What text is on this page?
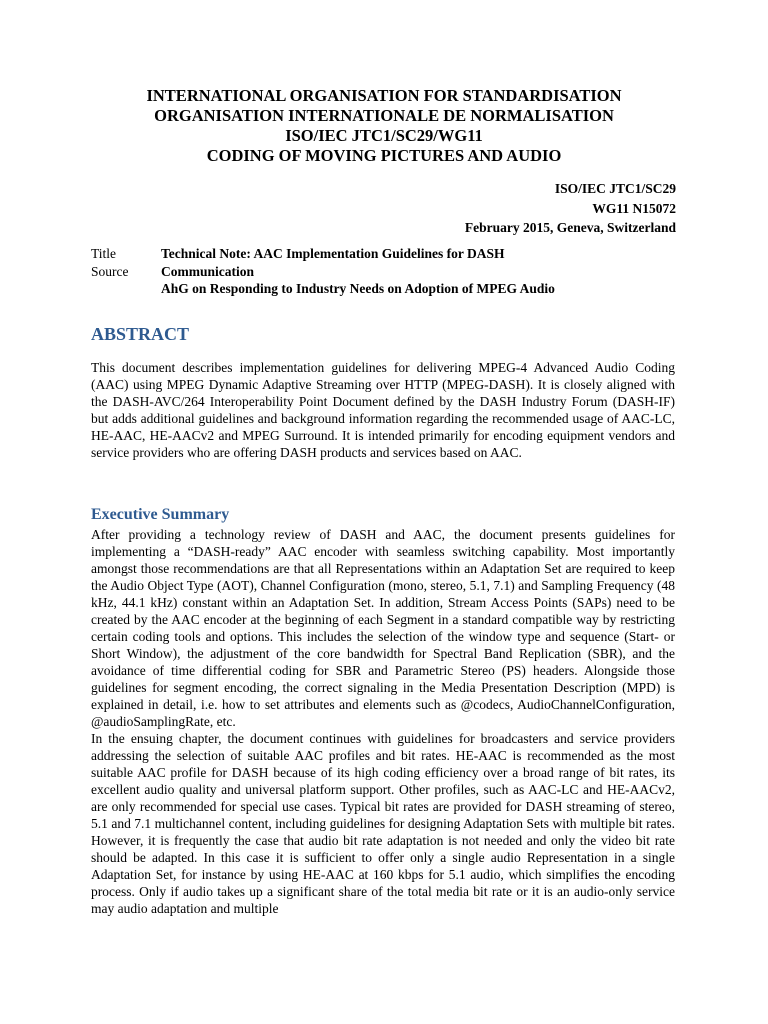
INTERNATIONAL ORGANISATION FOR STANDARDISATION
ORGANISATION INTERNATIONALE DE NORMALISATION
ISO/IEC JTC1/SC29/WG11
CODING OF MOVING PICTURES AND AUDIO
ISO/IEC JTC1/SC29
WG11 N15072
February 2015, Geneva, Switzerland
Title	Technical Note: AAC Implementation Guidelines for DASH
Source	Communication
AhG on Responding to Industry Needs on Adoption of MPEG Audio
ABSTRACT

This document describes implementation guidelines for delivering MPEG-4 Advanced Audio Coding (AAC) using MPEG Dynamic Adaptive Streaming over HTTP (MPEG-DASH). It is closely aligned with the DASH-AVC/264 Interoperability Point Document defined by the DASH Industry Forum (DASH-IF) but adds additional guidelines and background information regarding the recommended usage of AAC-LC, HE-AAC, HE-AACv2 and MPEG Surround. It is intended primarily for encoding equipment vendors and service providers who are offering DASH products and services based on AAC.

Executive Summary

After providing a technology review of DASH and AAC, the document presents guidelines for implementing a “DASH-ready” AAC encoder with seamless switching capability. Most importantly amongst those recommendations are that all Representations within an Adaptation Set are required to keep the Audio Object Type (AOT), Channel Configuration (mono, stereo, 5.1, 7.1) and Sampling Frequency (48 kHz, 44.1 kHz) constant within an Adaptation Set. In addition, Stream Access Points (SAPs) need to be created by the AAC encoder at the beginning of each Segment in a standard compatible way by restricting certain coding tools and options. This includes the selection of the window type and sequence (Start- or Short Window), the adjustment of the core bandwidth for Spectral Band Replication (SBR), and the avoidance of time differential coding for SBR and Parametric Stereo (PS) headers. Alongside those guidelines for segment encoding, the correct signaling in the Media Presentation Description (MPD) is explained in detail, i.e. how to set attributes and elements such as @codecs, AudioChannelConfiguration, @audioSamplingRate, etc.

In the ensuing chapter, the document continues with guidelines for broadcasters and service providers addressing the selection of suitable AAC profiles and bit rates. HE-AAC is recommended as the most suitable AAC profile for DASH because of its high coding efficiency over a broad range of bit rates, its excellent audio quality and universal platform support. Other profiles, such as AAC-LC and HE-AACv2, are only recommended for special use cases. Typical bit rates are provided for DASH streaming of stereo, 5.1 and 7.1 multichannel content, including guidelines for designing Adaptation Sets with multiple bit rates. However, it is frequently the case that audio bit rate adaptation is not needed and only the video bit rate should be adapted. In this case it is sufficient to offer only a single audio Representation in a single Adaptation Set, for instance by using HE-AAC at 160 kbps for 5.1 audio, which simplifies the encoding process. Only if audio takes up a significant share of the total media bit rate or it is an audio-only service may audio adaptation and multiple
